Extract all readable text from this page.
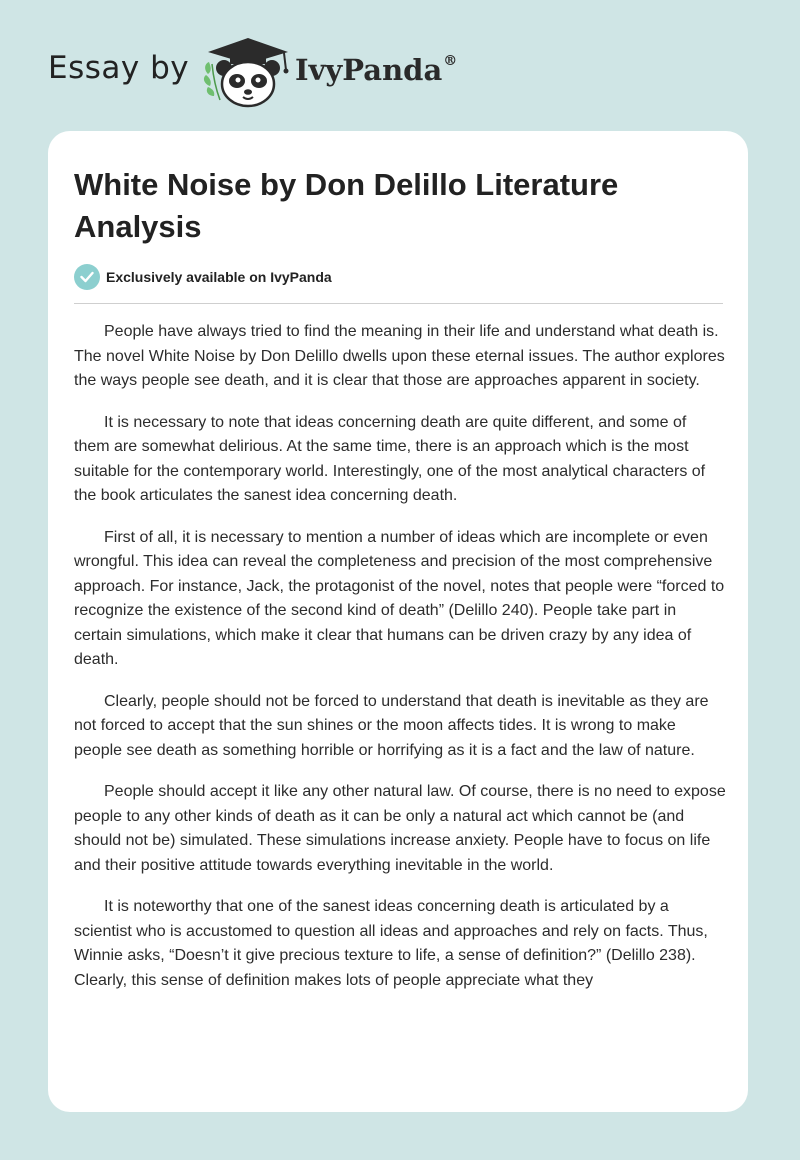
Essay by	IvyPanda®
White Noise by Don Delillo Literature Analysis
Exclusively available on IvyPanda

People have always tried to find the meaning in their life and understand what death is. The novel White Noise by Don Delillo dwells upon these eternal issues. The author explores the ways people see death, and it is clear that those are approaches apparent in society.

It is necessary to note that ideas concerning death are quite different, and some of them are somewhat delirious. At the same time, there is an approach which is the most suitable for the contemporary world. Interestingly, one of the most analytical characters of the book articulates the sanest idea concerning death.

First of all, it is necessary to mention a number of ideas which are incomplete or even wrongful. This idea can reveal the completeness and precision of the most comprehensive approach. For instance, Jack, the protagonist of the novel, notes that people were “forced to recognize the existence of the second kind of death” (Delillo 240). People take part in certain simulations, which make it clear that humans can be driven crazy by any idea of death.

Clearly, people should not be forced to understand that death is inevitable as they are not forced to accept that the sun shines or the moon affects tides. It is wrong to make people see death as something horrible or horrifying as it is a fact and the law of nature.

People should accept it like any other natural law. Of course, there is no need to expose people to any other kinds of death as it can be only a natural act which cannot be (and should not be) simulated. These simulations increase anxiety. People have to focus on life and their positive attitude towards everything inevitable in the world.

It is noteworthy that one of the sanest ideas concerning death is articulated by a scientist who is accustomed to question all ideas and approaches and rely on facts. Thus, Winnie asks, “Doesn’t it give precious texture to life, a sense of definition?” (Delillo 238). Clearly, this sense of definition makes lots of people appreciate what they
